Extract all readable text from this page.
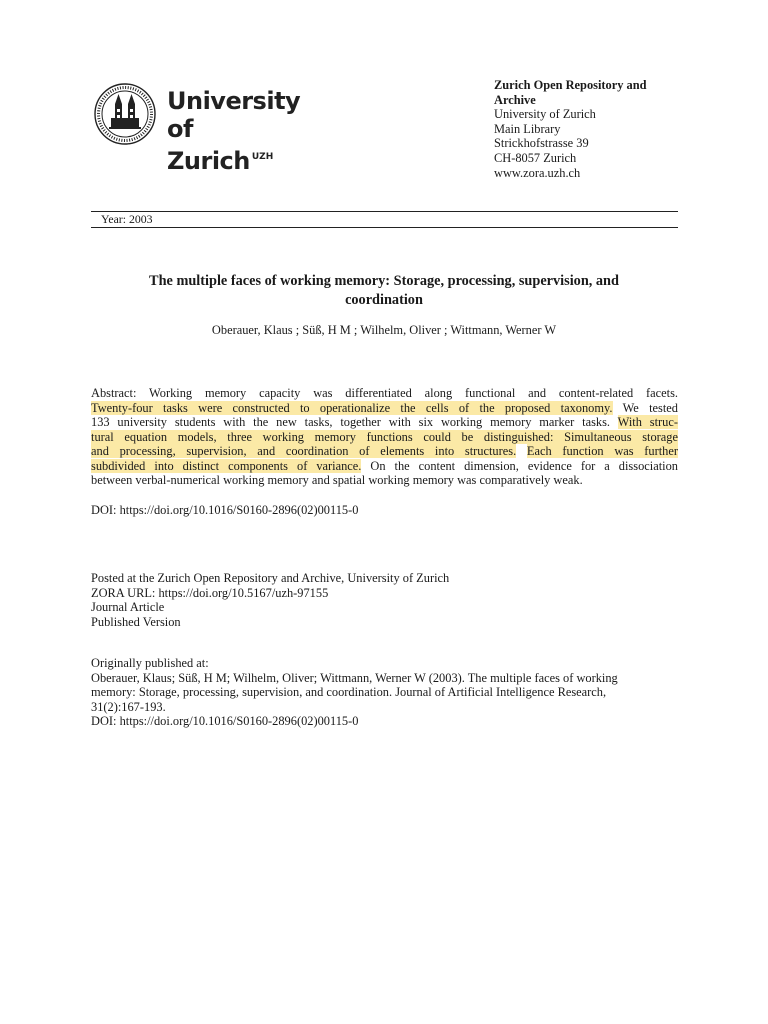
University of
Zurich $^{UZH}$
Zurich Open Repository and
Archive
University of Zurich
Main Library
Strickhofstrasse 39
CH-8057 Zurich
www.zora.uzh.ch
Year: 2003
The multiple faces of working memory: Storage, processing, supervision, and
coordination
Oberauer, Klaus ; Süß, H M ; Wilhelm, Oliver ; Wittmann, Werner W
Abstract: Working memory capacity was differentiated along functional and content-related facets.
Twenty-four tasks were constructed to operationalize the cells of the proposed taxonomy. We tested
133 university students with the new tasks, together with six working memory marker tasks. With struc-
tural equation models, three working memory functions could be distinguished: Simultaneous storage
and processing, supervision, and coordination of elements into structures. Each function was further
subdivided into distinct components of variance. On the content dimension, evidence for a dissociation
between verbal-numerical working memory and spatial working memory was comparatively weak.
DOI: https://doi.org/10.1016/S0160-2896(02)00115-0
Posted at the Zurich Open Repository and Archive, University of Zurich
ZORA URL: https://doi.org/10.5167/uzh-97155
Journal Article
Published Version
Originally published at:
Oberauer, Klaus; Süß, H M; Wilhelm, Oliver; Wittmann, Werner W (2003). The multiple faces of working
memory: Storage, processing, supervision, and coordination. Journal of Artificial Intelligence Research,
31(2):167-193.
DOI: https://doi.org/10.1016/S0160-2896(02)00115-0
